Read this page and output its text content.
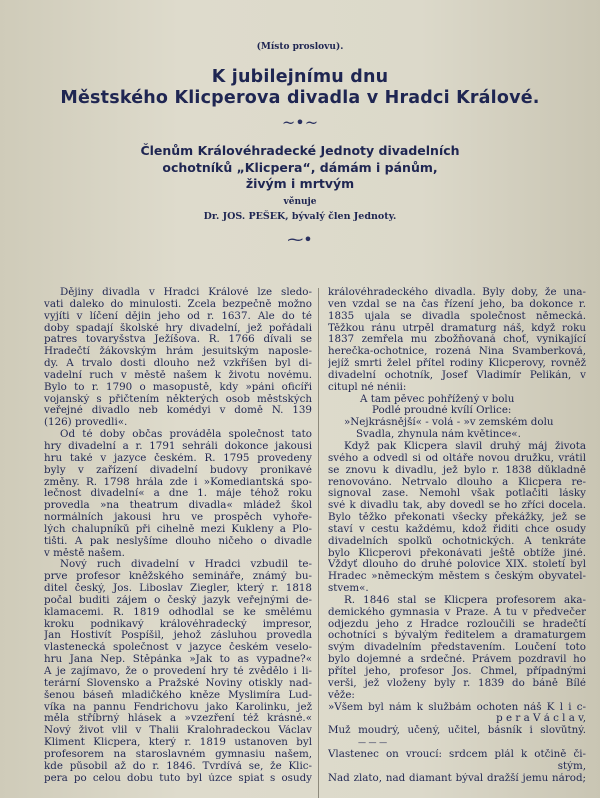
(Místo proslovu).
K jubilejnímu dnu
Městského Klicperova divadla v Hradci Králové.
~•~
Členům Královéhradecké Jednoty divadelních
ochotníků „Klicpera“, dámám i pánům,
živým i mrtvým
věnuje
Dr. JOS. PEŠEK, bývalý člen Jednoty.
⁓•
Dějiny divadla v Hradci Králové lze sledo-
vati daleko do minulosti. Zcela bezpečně možno
vyjíti v líčení dějin jeho od r. 1637. Ale do té
doby spadají školské hry divadelní, jež pořádali
patres tovaryšstva Ježíšova. R. 1766 dívali se
Hradečtí žákovským hrám jesuitským naposle-
dy. A trvalo dosti dlouho než vzkříšen byl di-
vadelní ruch v městě našem k životu novému.
Bylo to r. 1790 o masopustě, kdy »páni oficíři
vojanský s přičtením některých osob městských
veřejné divadlo neb komédyi v domě N. 139
(126) provedli«.
Od té doby občas prováděla společnost tato
hry divadelní a r. 1791 sehráli dokonce jakousi
hru také v jazyce českém. R. 1795 provedeny
byly v zařízení divadelní budovy pronikavé
změny. R. 1798 hrála zde i »Komediantská spo-
lečnost divadelní« a dne 1. máje téhož roku
provedla »na theatrum divadla« mládež škol
normálních jakousi hru ve prospěch vyhoře-
lých chalupníků při cihelně mezi Kukleny a Plo-
tišti. A pak neslyšíme dlouho ničeho o divadle
v městě našem.
Nový ruch divadelní v Hradci vzbudil te-
prve profesor kněžského semináře, známý bu-
ditel český, Jos. Liboslav Ziegler, který r. 1818
počal buditi zájem o český jazyk veřejnými de-
klamacemi. R. 1819 odhodlal se ke smělému
kroku podnikavý královéhradecký impresor,
Jan Hostivít Pospíšil, jehož zásluhou provedla
vlastenecká společnost v jazyce českém veselo-
hru Jana Nep. Štěpánka »Jak to as vypadne?«
A je zajímavo, že o provedení hry té zvědělo i li-
terární Slovensko a Pražské Noviny otiskly nad-
šenou báseň mladičkého kněze Myslimíra Lud-
víka na pannu Fendrichovu jako Karolinku, jež
měla stříbrný hlásek a »vzezření též krásné.«
Nový život vlil v Thalii Kralohradeckou Václav
Kliment Klicpera, který r. 1819 ustanoven byl
profesorem na staroslavném gymnasiu našem,
kde působil až do r. 1846. Tvrdívá se, že Klic-
pera po celou dobu tuto byl úzce spiat s osudy
královéhradeckého divadla. Byly doby, že una-
ven vzdal se na čas řízení jeho, ba dokonce r.
1835 ujala se divadla společnost německá.
Těžkou ránu utrpěl dramaturg náš, když roku
1837 zemřela mu zbožňovaná choť, vynikající
herečka-ochotnice, rozená Nina Svamberková,
jejíž smrti želel přítel rodiny Klicperovy, rovněž
divadelní ochotník, Josef Vladimír Pelikán, v
citupl né nénii:
A tam pěvec pohřížený v bolu
Podlé proudné kvílí Orlice:
»Nejkrásnější« - volá - »v zemském dolu
Svadla, zhynula nám květince«.
Když pak Klicpera slavil druhý máj života
svého a odvedl si od oltáře novou družku, vrátil
se znovu k divadlu, jež bylo r. 1838 důkladně
renovováno. Netrvalo dlouho a Klicpera re-
signoval zase. Nemohl však potlačiti lásky
své k divadlu tak, aby dovedl se ho zříci docela.
Bylo těžko překonati všecky překážky, jež se
staví v cestu každému, kdož řiditi chce osudy
divadelních spolků ochotnických. A tenkráte
bylo Klicperovi překonávati ještě obtíže jiné.
Vždyť dlouho do druhé polovice XIX. století byl
Hradec »německým městem s českým obyvatel-
stvem«.
R. 1846 stal se Klicpera profesorem aka-
demického gymnasia v Praze. A tu v předvečer
odjezdu jeho z Hradce rozloučili se hradečtí
ochotníci s bývalým ředitelem a dramaturgem
svým divadelním představením. Loučení toto
bylo dojemné a srdečné. Právem pozdravil ho
přítel jeho, profesor Jos. Chmel, případnými
verši, jež vloženy byly r. 1839 do báně Bílé
věže:
»Všem byl nám k službám ochoten náš K l i c-
p e r a V á c l a v,
Muž moudrý, učený, učitel, básník i slovůtný.
— — —
Vlastenec on vroucí: srdcem plál k otčině či-
stým,
Nad zlato, nad diamant býval dražší jemu národ;
